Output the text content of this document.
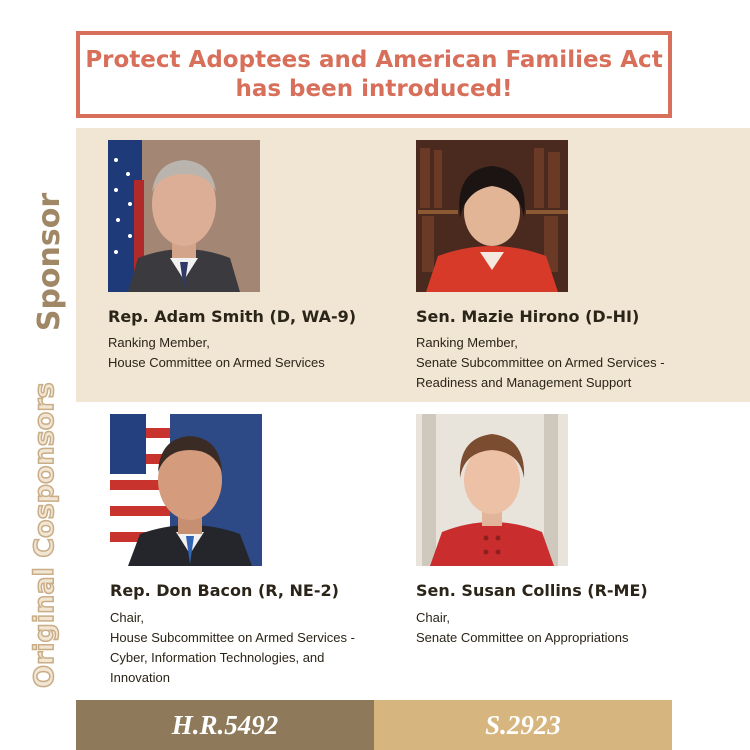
Protect Adoptees and American Families Act
has been introduced!
Sponsor
Original Cosponsors
Rep. Adam Smith (D, WA-9)
Ranking Member,
House Committee on Armed Services
Sen. Mazie Hirono (D-HI)
Ranking Member,
Senate Subcommittee on Armed Services -
Readiness and Management Support
Rep. Don Bacon (R, NE-2)
Chair,
House Subcommittee on Armed Services -
Cyber, Information Technologies, and
Innovation
Sen. Susan Collins (R-ME)
Chair,
Senate Committee on Appropriations
H.R.5492	S.2923
